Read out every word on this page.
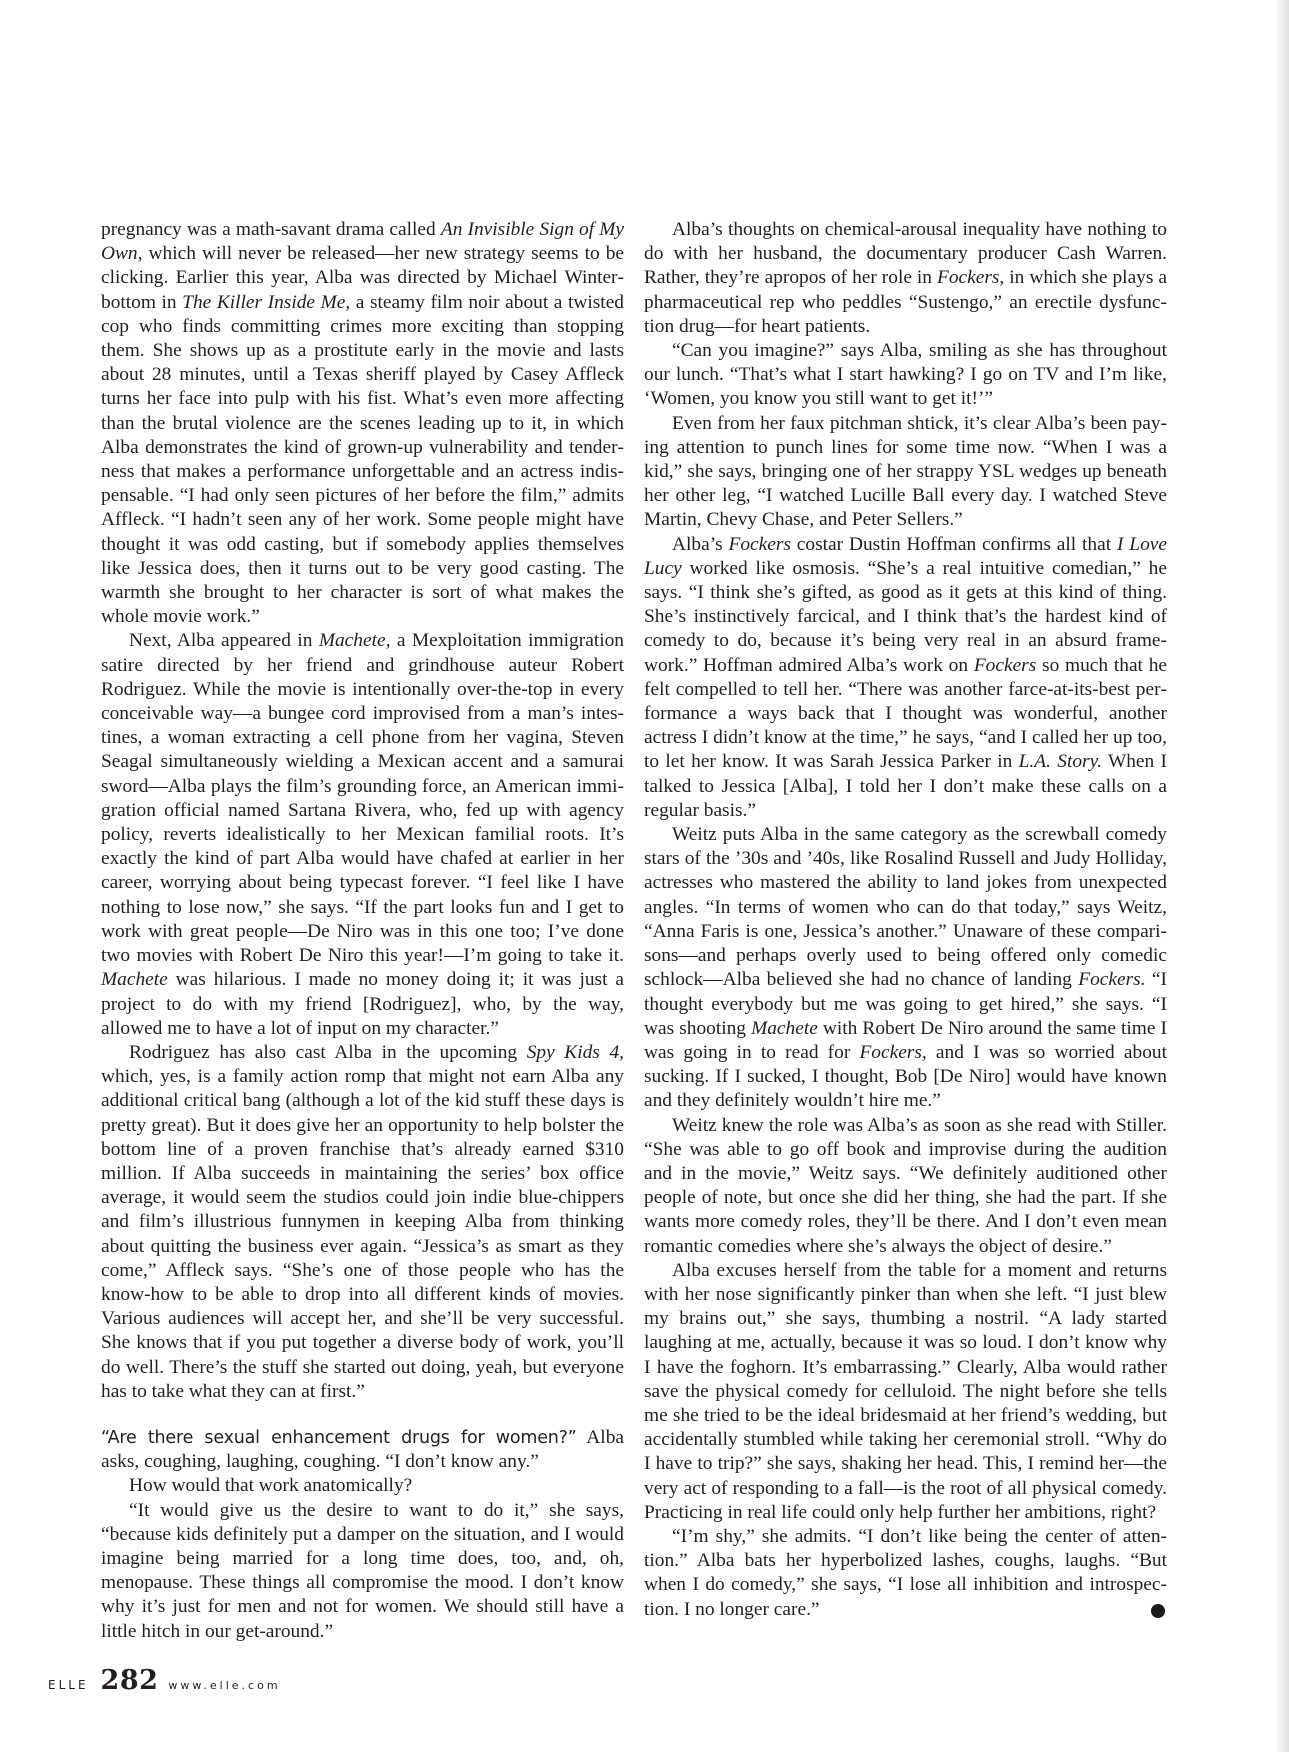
pregnancy was a math-savant drama called An Invisible Sign of My Own, which will never be released—her new strategy seems to be clicking. Earlier this year, Alba was directed by Michael Winterbottom in The Killer Inside Me, a steamy film noir about a twisted cop who finds committing crimes more exciting than stopping them. She shows up as a prostitute early in the movie and lasts about 28 minutes, until a Texas sheriff played by Casey Affleck turns her face into pulp with his fist. What’s even more affecting than the brutal violence are the scenes leading up to it, in which Alba demonstrates the kind of grown-up vulnerability and tenderness that makes a performance unforgettable and an actress indispensable. “I had only seen pictures of her before the film,” admits Affleck. “I hadn’t seen any of her work. Some people might have thought it was odd casting, but if somebody applies themselves like Jessica does, then it turns out to be very good casting. The warmth she brought to her character is sort of what makes the whole movie work.”

Next, Alba appeared in Machete, a Mexploitation immigration satire directed by her friend and grindhouse auteur Robert Rodriguez. While the movie is intentionally over-the-top in every conceivable way—a bungee cord improvised from a man’s intestines, a woman extracting a cell phone from her vagina, Steven Seagal simultaneously wielding a Mexican accent and a samurai sword—Alba plays the film’s grounding force, an American immigration official named Sartana Rivera, who, fed up with agency policy, reverts idealistically to her Mexican familial roots. It’s exactly the kind of part Alba would have chafed at earlier in her career, worrying about being typecast forever. “I feel like I have nothing to lose now,” she says. “If the part looks fun and I get to work with great people—De Niro was in this one too; I’ve done two movies with Robert De Niro this year!—I’m going to take it. Machete was hilarious. I made no money doing it; it was just a project to do with my friend [Rodriguez], who, by the way, allowed me to have a lot of input on my character.”

Rodriguez has also cast Alba in the upcoming Spy Kids 4, which, yes, is a family action romp that might not earn Alba any additional critical bang (although a lot of the kid stuff these days is pretty great). But it does give her an opportunity to help bolster the bottom line of a proven franchise that’s already earned $310 million. If Alba succeeds in maintaining the series’ box office average, it would seem the studios could join indie blue-chippers and film’s illustrious funnymen in keeping Alba from thinking about quitting the business ever again. “Jessica’s as smart as they come,” Affleck says. “She’s one of those people who has the know-how to be able to drop into all different kinds of movies. Various audiences will accept her, and she’ll be very successful. She knows that if you put together a diverse body of work, you’ll do well. There’s the stuff she started out doing, yeah, but everyone has to take what they can at first.”

“Are there sexual enhancement drugs for women?” Alba asks, coughing, laughing, coughing. “I don’t know any.”

How would that work anatomically?

“It would give us the desire to want to do it,” she says, “because kids definitely put a damper on the situation, and I would imagine being married for a long time does, too, and, oh, menopause. These things all compromise the mood. I don’t know why it’s just for men and not for women. We should still have a little hitch in our get-around.”

Alba’s thoughts on chemical-arousal inequality have nothing to do with her husband, the documentary producer Cash Warren. Rather, they’re apropos of her role in Fockers, in which she plays a pharmaceutical rep who peddles “Sustengo,” an erectile dysfunction drug—for heart patients.

“Can you imagine?” says Alba, smiling as she has throughout our lunch. “That’s what I start hawking? I go on TV and I’m like, ‘Women, you know you still want to get it!’”

Even from her faux pitchman shtick, it’s clear Alba’s been paying attention to punch lines for some time now. “When I was a kid,” she says, bringing one of her strappy YSL wedges up beneath her other leg, “I watched Lucille Ball every day. I watched Steve Martin, Chevy Chase, and Peter Sellers.”

Alba’s Fockers costar Dustin Hoffman confirms all that I Love Lucy worked like osmosis. “She’s a real intuitive comedian,” he says. “I think she’s gifted, as good as it gets at this kind of thing. She’s instinctively farcical, and I think that’s the hardest kind of comedy to do, because it’s being very real in an absurd framework.” Hoffman admired Alba’s work on Fockers so much that he felt compelled to tell her. “There was another farce-at-its-best performance a ways back that I thought was wonderful, another actress I didn’t know at the time,” he says, “and I called her up too, to let her know. It was Sarah Jessica Parker in L.A. Story. When I talked to Jessica [Alba], I told her I don’t make these calls on a regular basis.”

Weitz puts Alba in the same category as the screwball comedy stars of the ’30s and ’40s, like Rosalind Russell and Judy Holliday, actresses who mastered the ability to land jokes from unexpected angles. “In terms of women who can do that today,” says Weitz, “Anna Faris is one, Jessica’s another.” Unaware of these comparisons—and perhaps overly used to being offered only comedic schlock—Alba believed she had no chance of landing Fockers. “I thought everybody but me was going to get hired,” she says. “I was shooting Machete with Robert De Niro around the same time I was going in to read for Fockers, and I was so worried about sucking. If I sucked, I thought, Bob [De Niro] would have known and they definitely wouldn’t hire me.”

Weitz knew the role was Alba’s as soon as she read with Stiller. “She was able to go off book and improvise during the audition and in the movie,” Weitz says. “We definitely auditioned other people of note, but once she did her thing, she had the part. If she wants more comedy roles, they’ll be there. And I don’t even mean romantic comedies where she’s always the object of desire.”

Alba excuses herself from the table for a moment and returns with her nose significantly pinker than when she left. “I just blew my brains out,” she says, thumbing a nostril. “A lady started laughing at me, actually, because it was so loud. I don’t know why I have the foghorn. It’s embarrassing.” Clearly, Alba would rather save the physical comedy for celluloid. The night before she tells me she tried to be the ideal bridesmaid at her friend’s wedding, but accidentally stumbled while taking her ceremonial stroll. “Why do I have to trip?” she says, shaking her head. This, I remind her—the very act of responding to a fall—is the root of all physical comedy. Practicing in real life could only help further her ambitions, right?

“I’m shy,” she admits. “I don’t like being the center of attention.” Alba bats her hyperbolized lashes, coughs, laughs. “But when I do comedy,” she says, “I lose all inhibition and introspection. I no longer care.”

ELLE 282 www.elle.com
